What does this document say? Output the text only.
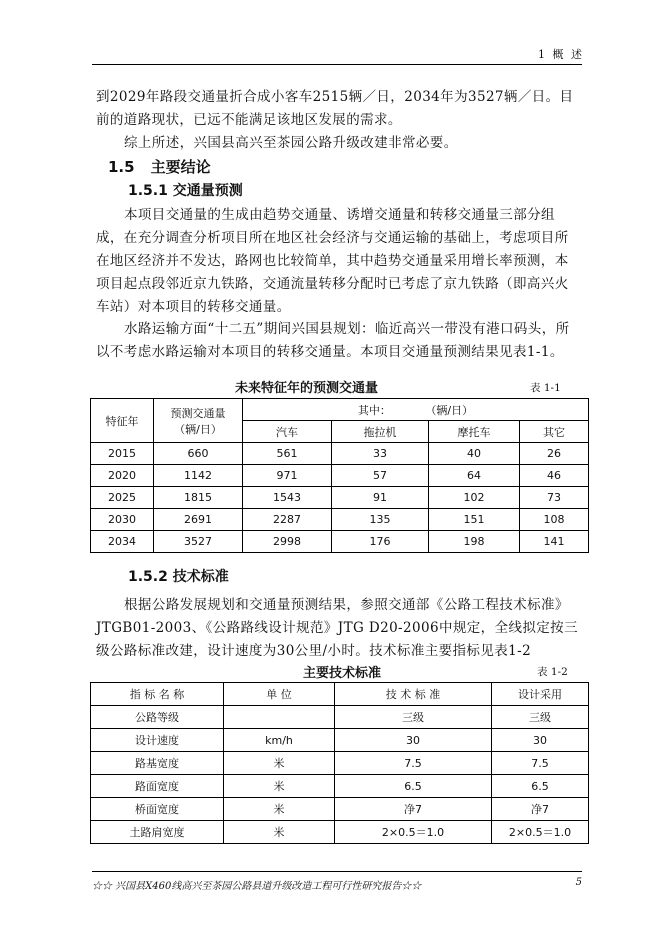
1 概 述
到2029年路段交通量折合成小客车2515辆／日，2034年为3527辆／日。目前的道路现状，已远不能满足该地区发展的需求。
综上所述，兴国县高兴至茶园公路升级改建非常必要。
1.5 主要结论
1.5.1 交通量预测
本项目交通量的生成由趋势交通量、诱增交通量和转移交通量三部分组成，在充分调查分析项目所在地区社会经济与交通运输的基础上，考虑项目所在地区经济并不发达，路网也比较简单，其中趋势交通量采用增长率预测，本项目起点段邻近京九铁路，交通流量转移分配时已考虑了京九铁路（即高兴火车站）对本项目的转移交通量。
水路运输方面“十二五”期间兴国县规划：临近高兴一带没有港口码头，所以不考虑水路运输对本项目的转移交通量。本项目交通量预测结果见表1-1。
未来特征年的预测交通量	表 1-1
特征年	预测交通量
（辆/日）	其中： （辆/日）			
		汽车	拖拉机	摩托车	其它
2015	660	561	33	40	26
2020	1142	971	57	64	46
2025	1815	1543	91	102	73
2030	2691	2287	135	151	108
2034	3527	2998	176	198	141
1.5.2 技术标准
根据公路发展规划和交通量预测结果，参照交通部《公路工程技术标准》JTGB01-2003、《公路路线设计规范》JTG D20-2006中规定，全线拟定按三级公路标准改建，设计速度为30公里/小时。技术标准主要指标见表1-2
主要技术标准	表 1-2
指 标 名 称	单 位	技 术 标 准	设计采用
公路等级		三级	三级
设计速度	km/h	30	30
路基宽度	米	7.5	7.5
路面宽度	米	6.5	6.5
桥面宽度	米	净7	净7
土路肩宽度	米	2×0.5＝1.0	2×0.5＝1.0
☆☆ 兴国县X460线高兴至茶园公路县道升级改造工程可行性研究报告☆☆	5
